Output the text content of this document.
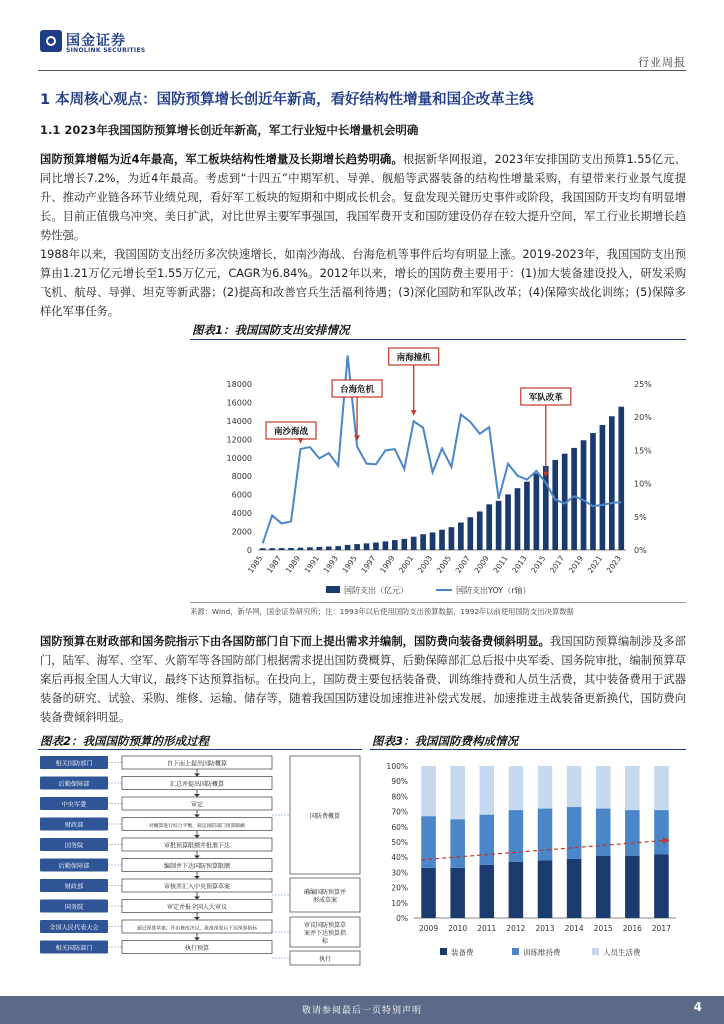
国金证券
SINOLINK SECURITIES
行业周报
1 本周核心观点：国防预算增长创近年新高，看好结构性增量和国企改革主线
1.1 2023年我国国防预算增长创近年新高，军工行业短中长增量机会明确
国防预算增幅为近4年最高，军工板块结构性增量及长期增长趋势明确。根据新华网报道，2023年安排国防支出预算1.55亿元、同比增长7.2%，为近4年最高。考虑到“十四五”中期军机、导弹、舰船等武器装备的结构性增量采购，有望带来行业景气度提升、推动产业链各环节业绩兑现，看好军工板块的短期和中期成长机会。复盘发现关键历史事件或阶段，我国国防开支均有明显增长。目前正值俄乌冲突、美日扩武，对比世界主要军事强国，我国军费开支和国防建设仍存在较大提升空间，军工行业长期增长趋势性强。
1988年以来，我国国防支出经历多次快速增长，如南沙海战、台海危机等事件后均有明显上涨。2019-2023年，我国国防支出预算由1.21万亿元增长至1.55万亿元，CAGR为6.84%。2012年以来，增长的国防费主要用于：(1)加大装备建设投入，研发采购飞机、航母、导弹、坦克等新武器；(2)提高和改善官兵生活福利待遇；(3)深化国防和军队改革；(4)保障实战化训练；(5)保障多样化军事任务。
图表1：我国国防支出安排情况
0
2000
4000
6000
8000
10000
12000
14000
16000
18000
0%
5%
10%
15%
20%
25%
1985 1987 1989 1991 1993 1995 1997 1999 2001 2003 2005 2007 2009 2011 2013 2015 2017 2019 2021 2023
南沙海战
台海危机
南海撞机
军队改革
国防支出（亿元）	国防支出YOY（r轴）
来源：Wind，新华网，国金证券研究所；注：1993年以后使用国防支出预算数据，1992年以前使用国防支出决算数据
国防预算在财政部和国务院指示下由各国防部门自下而上提出需求并编制，国防费向装备费倾斜明显。我国国防预算编制涉及多部门，陆军、海军、空军、火箭军等各国防部门根据需求提出国防费概算，后勤保障部汇总后报中央军委、国务院审批，编制预算草案后再报全国人大审议，最终下达预算指标。在投向上，国防费主要包括装备费、训练维持费和人员生活费，其中装备费用于武器装备的研究、试验、采购、维修、运输、储存等，随着我国国防建设加速推进补偿式发展、加速推进主战装备更新换代，国防费向装备费倾斜明显。
图表2：我国国防预算的形成过程
相关国防部门
后勤保障部
中央军委
财政部
国务院
后勤保障部
财政部
国务院
全国人民代表大会
相关国防部门
自下而上提出国防概算
汇总并提出国防概算
审定
对概算进行综合平衡，拟定国防部门预算限额
审批预算限额并批准下达
编制并下达国防预算限额
审核并汇入中央预算草案
审定并报全国人大审议
通过预算草案，作出修改决议，批准预算后下达预算指标
执行预算
国防费概算
确编国防预算并
形成草案
审议国防预算草
案并下达预算指
标
执行
图表3：我国国防费构成情况
0%
10%
20%
30%
40%
50%
60%
70%
80%
90%
100%
2009 2010 2011 2012 2013 2014 2015 2016 2017
装备费	训练维持费	人员生活费
敬请参阅最后一页特别声明	4
